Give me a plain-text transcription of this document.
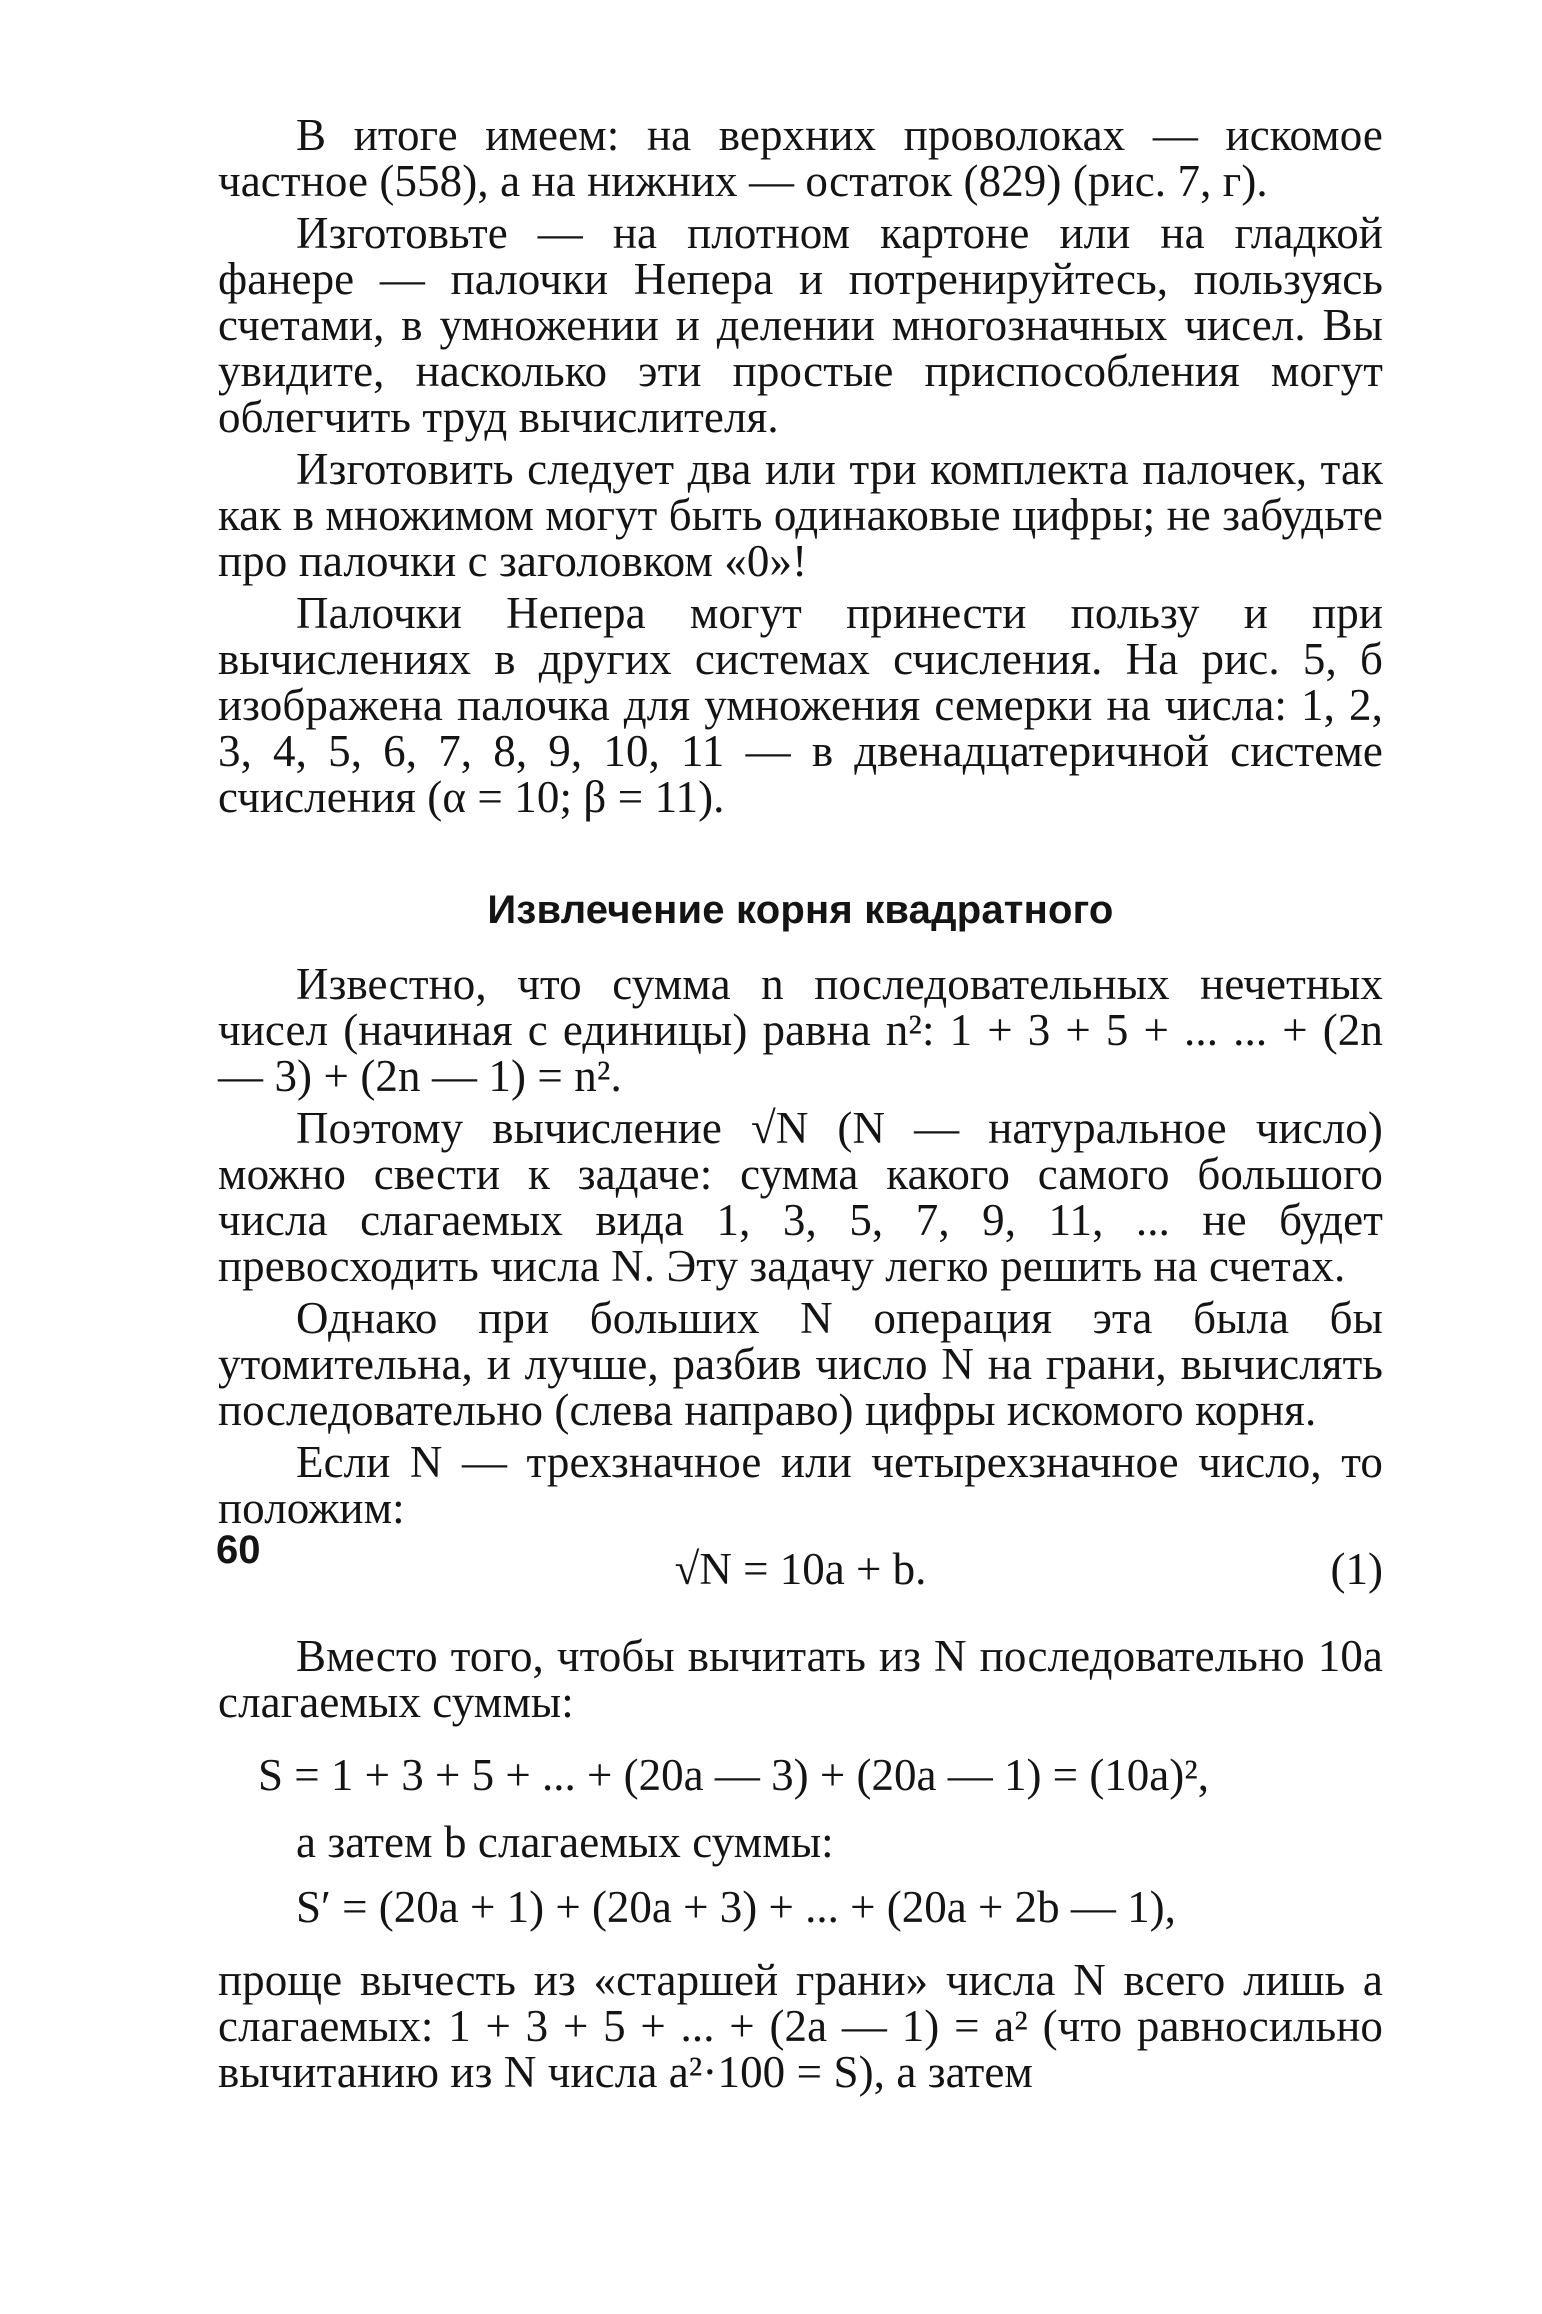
В итоге имеем: на верхних проволоках — искомое частное (558), а на нижних — остаток (829) (рис. 7, г).

Изготовьте — на плотном картоне или на гладкой фанере — палочки Непера и потренируйтесь, пользуясь счетами, в умножении и делении многозначных чисел. Вы увидите, насколько эти простые приспособления могут облегчить труд вычислителя.

Изготовить следует два или три комплекта палочек, так как в множимом могут быть одинаковые цифры; не забудьте про палочки с заголовком «0»!

Палочки Непера могут принести пользу и при вычислениях в других системах счисления. На рис. 5, б изображена палочка для умножения семерки на числа: 1, 2, 3, 4, 5, 6, 7, 8, 9, 10, 11 — в двенадцатеричной системе счисления (α = 10; β = 11).

Извлечение корня квадратного

Известно, что сумма n последовательных нечетных чисел (начиная с единицы) равна n²: 1 + 3 + 5 + ... ... + (2n — 3) + (2n — 1) = n².

Поэтому вычисление √N (N — натуральное число) можно свести к задаче: сумма какого самого большого числа слагаемых вида 1, 3, 5, 7, 9, 11, ... не будет превосходить числа N. Эту задачу легко решить на счетах.

Однако при больших N операция эта была бы утомительна, и лучше, разбив число N на грани, вычислять последовательно (слева направо) цифры искомого корня.

Если N — трехзначное или четырехзначное число, то положим:

√N = 10a + b.	(1)

Вместо того, чтобы вычитать из N последовательно 10a слагаемых суммы:

S = 1 + 3 + 5 + ... + (20a — 3) + (20a — 1) = (10a)²,

а затем b слагаемых суммы:

S′ = (20a + 1) + (20a + 3) + ... + (20a + 2b — 1),

проще вычесть из «старшей грани» числа N всего лишь a слагаемых: 1 + 3 + 5 + ... + (2a — 1) = a² (что равносильно вычитанию из N числа a²·100 = S), а затем

60
